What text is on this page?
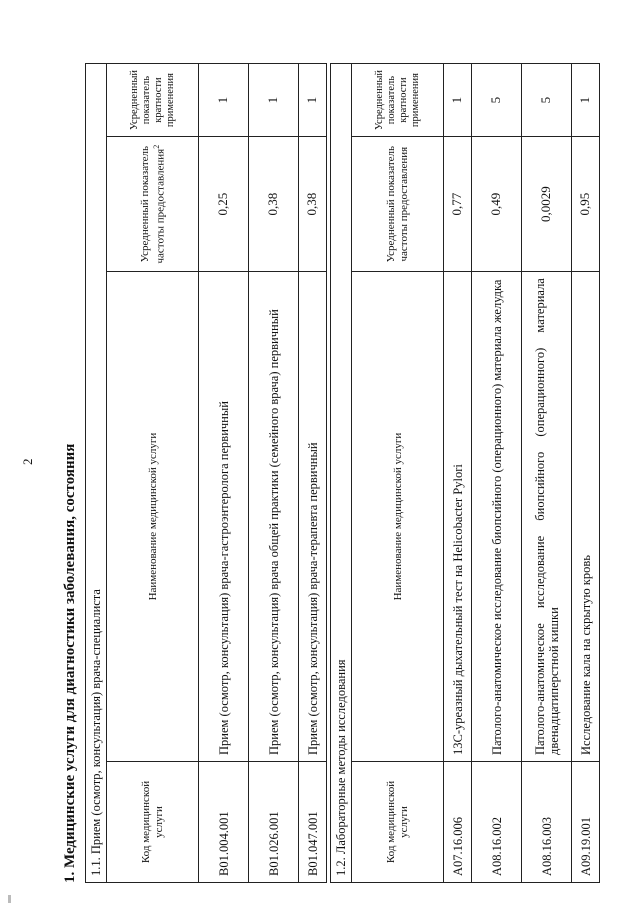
2 1. Медицинские услуги для диагностики заболевания, состояния 1.1. Прием (осмотр, консультация) врача-специалиста			
Код медицинской услуги	Наименование медицинской услуги	Усредненный показатель частоты предоставления$^2$	Усредненный показатель кратности применения
B01.004.001	Прием (осмотр, консультация) врача-гастроэнтеролога первичный	0,25	1
B01.026.001	Прием (осмотр, консультация) врача общей практики (семейного врача) первичный	0,38	1
B01.047.001	Прием (осмотр, консультация) врача-терапевта первичный	0,38	1
1.2. Лабораторные методы исследования			
Код медицинской услуги	Наименование медицинской услуги	Усредненный показатель частоты предоставления	Усредненный показатель кратности применения
A07.16.006	13С-уреазный дыхательный тест на Helicobacter Pylori	0,77	1
A08.16.002	Патолого-анатомическое исследование биопсийного (операционного) материала желудка	0,49	5
A08.16.003	Патолого-анатомическое исследование биопсийного (операционного) материала двенадцатиперстной кишки	0,0029	5
A09.19.001	Исследование кала на скрытую кровь	0,95	1
